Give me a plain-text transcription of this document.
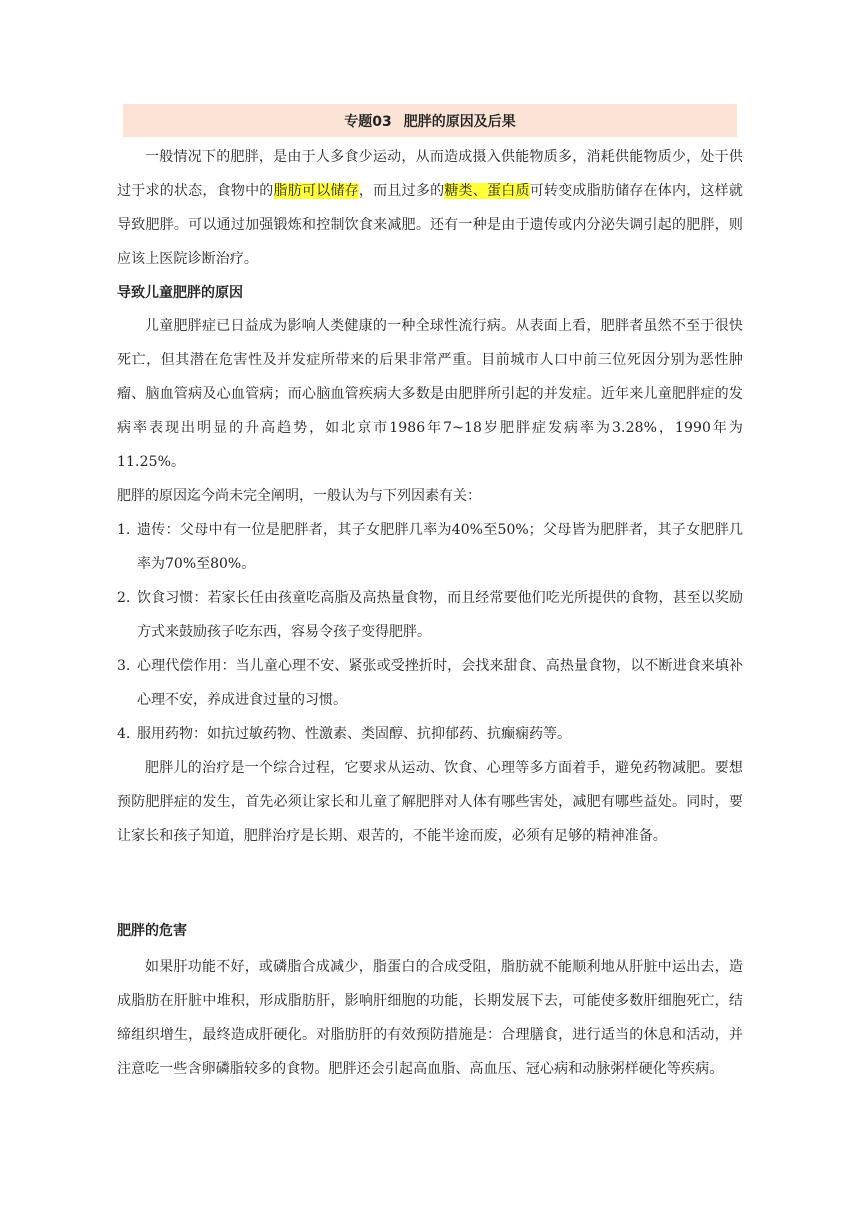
专题03 肥胖的原因及后果
一般情况下的肥胖，是由于人多食少运动，从而造成摄入供能物质多，消耗供能物质少，处于供过于求的状态，食物中的脂肪可以储存，而且过多的糖类、蛋白质可转变成脂肪储存在体内，这样就导致肥胖。可以通过加强锻炼和控制饮食来减肥。还有一种是由于遗传或内分泌失调引起的肥胖，则应该上医院诊断治疗。
导致儿童肥胖的原因
儿童肥胖症已日益成为影响人类健康的一种全球性流行病。从表面上看，肥胖者虽然不至于很快死亡，但其潜在危害性及并发症所带来的后果非常严重。目前城市人口中前三位死因分别为恶性肿瘤、脑血管病及心血管病；而心脑血管疾病大多数是由肥胖所引起的并发症。近年来儿童肥胖症的发病率表现出明显的升高趋势，如北京市1986年7~18岁肥胖症发病率为3.28%，1990年为11.25%。
肥胖的原因迄今尚未完全阐明，一般认为与下列因素有关：
1. 遗传：父母中有一位是肥胖者，其子女肥胖几率为40%至50%；父母皆为肥胖者，其子女肥胖几率为70%至80%。
2. 饮食习惯：若家长任由孩童吃高脂及高热量食物，而且经常要他们吃光所提供的食物，甚至以奖励方式来鼓励孩子吃东西，容易令孩子变得肥胖。
3. 心理代偿作用：当儿童心理不安、紧张或受挫折时，会找来甜食、高热量食物，以不断进食来填补心理不安，养成进食过量的习惯。
4. 服用药物：如抗过敏药物、性激素、类固醇、抗抑郁药、抗癫痫药等。
肥胖儿的治疗是一个综合过程，它要求从运动、饮食、心理等多方面着手，避免药物减肥。要想预防肥胖症的发生，首先必须让家长和儿童了解肥胖对人体有哪些害处，减肥有哪些益处。同时，要让家长和孩子知道，肥胖治疗是长期、艰苦的，不能半途而废，必须有足够的精神准备。
肥胖的危害
如果肝功能不好，或磷脂合成减少，脂蛋白的合成受阻，脂肪就不能顺利地从肝脏中运出去，造成脂肪在肝脏中堆积，形成脂肪肝，影响肝细胞的功能，长期发展下去，可能使多数肝细胞死亡，结缔组织增生，最终造成肝硬化。对脂肪肝的有效预防措施是：合理膳食，进行适当的休息和活动，并注意吃一些含卵磷脂较多的食物。肥胖还会引起高血脂、高血压、冠心病和动脉粥样硬化等疾病。
